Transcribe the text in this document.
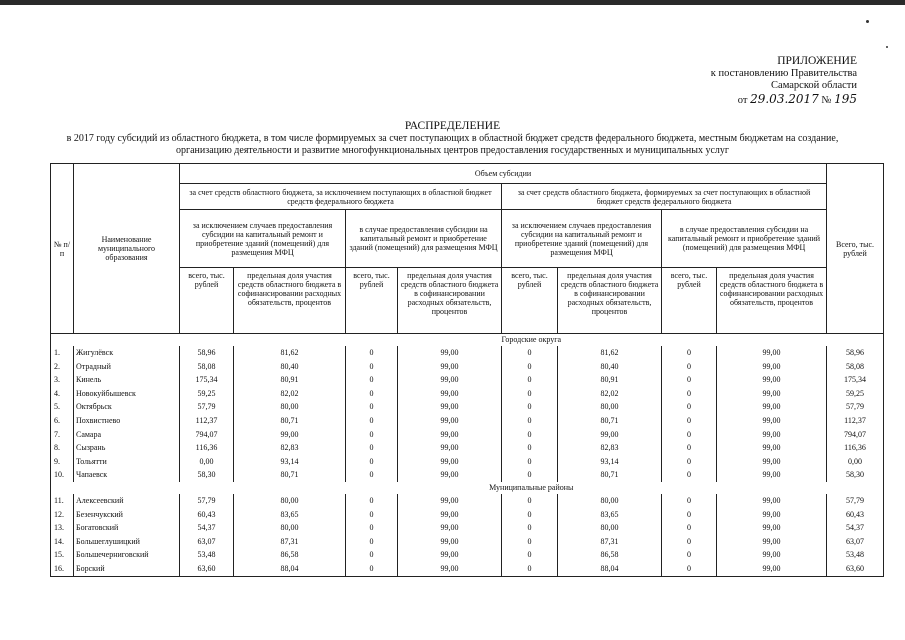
ПРИЛОЖЕНИЕ
к постановлению Правительства
Самарской области
от 29.03.2017 № 195
РАСПРЕДЕЛЕНИЕ
в 2017 году субсидий из областного бюджета, в том числе формируемых за счет поступающих в областной бюджет средств федерального бюджета, местным бюджетам на создание, организацию деятельности и развитие многофункциональных центров предоставления государственных и муниципальных услуг
№ п/п	Наименование муниципального образования	Объем субсидии								Всего, тыс. рублей
		за счет средств областного бюджета, за исключением поступающих в областной бюджет средств федерального бюджета				за счет средств областного бюджета, формируемых за счет поступающих в областной бюджет средств федерального бюджета				
		за исключением случаев предоставления субсидии на капитальный ремонт и приобретение зданий (помещений) для размещения МФЦ		в случае предоставления субсидии на капитальный ремонт и приобретение зданий (помещений) для размещения МФЦ		за исключением случаев предоставления субсидии на капитальный ремонт и приобретение зданий (помещений) для размещения МФЦ		в случае предоставления субсидии на капитальный ремонт и приобретение зданий (помещений) для размещения МФЦ		
		всего, тыс. рублей	предельная доля участия средств областного бюджета в софинансировании расходных обязательств, процентов	всего, тыс. рублей	предельная доля участия средств областного бюджета в софинансировании расходных обязательств, процентов	всего, тыс. рублей	предельная доля участия средств областного бюджета в софинансировании расходных обязательств, процентов	всего, тыс. рублей	предельная доля участия средств областного бюджета в софинансировании расходных обязательств, процентов	
		Городские округа								
1.	Жигулёвск	58,96	81,62	0	99,00	0	81,62	0	99,00	58,96
2.	Отрадный	58,08	80,40	0	99,00	0	80,40	0	99,00	58,08
3.	Кинель	175,34	80,91	0	99,00	0	80,91	0	99,00	175,34
4.	Новокуйбышевск	59,25	82,02	0	99,00	0	82,02	0	99,00	59,25
5.	Октябрьск	57,79	80,00	0	99,00	0	80,00	0	99,00	57,79
6.	Похвистнево	112,37	80,71	0	99,00	0	80,71	0	99,00	112,37
7.	Самара	794,07	99,00	0	99,00	0	99,00	0	99,00	794,07
8.	Сызрань	116,36	82,83	0	99,00	0	82,83	0	99,00	116,36
9.	Тольятти	0,00	93,14	0	99,00	0	93,14	0	99,00	0,00
10.	Чапаевск	58,30	80,71	0	99,00	0	80,71	0	99,00	58,30
		Муниципальные районы								
11.	Алексеевский	57,79	80,00	0	99,00	0	80,00	0	99,00	57,79
12.	Безенчукский	60,43	83,65	0	99,00	0	83,65	0	99,00	60,43
13.	Богатовский	54,37	80,00	0	99,00	0	80,00	0	99,00	54,37
14.	Большеглушицкий	63,07	87,31	0	99,00	0	87,31	0	99,00	63,07
15.	Большечерниговский	53,48	86,58	0	99,00	0	86,58	0	99,00	53,48
16.	Борский	63,60	88,04	0	99,00	0	88,04	0	99,00	63,60
